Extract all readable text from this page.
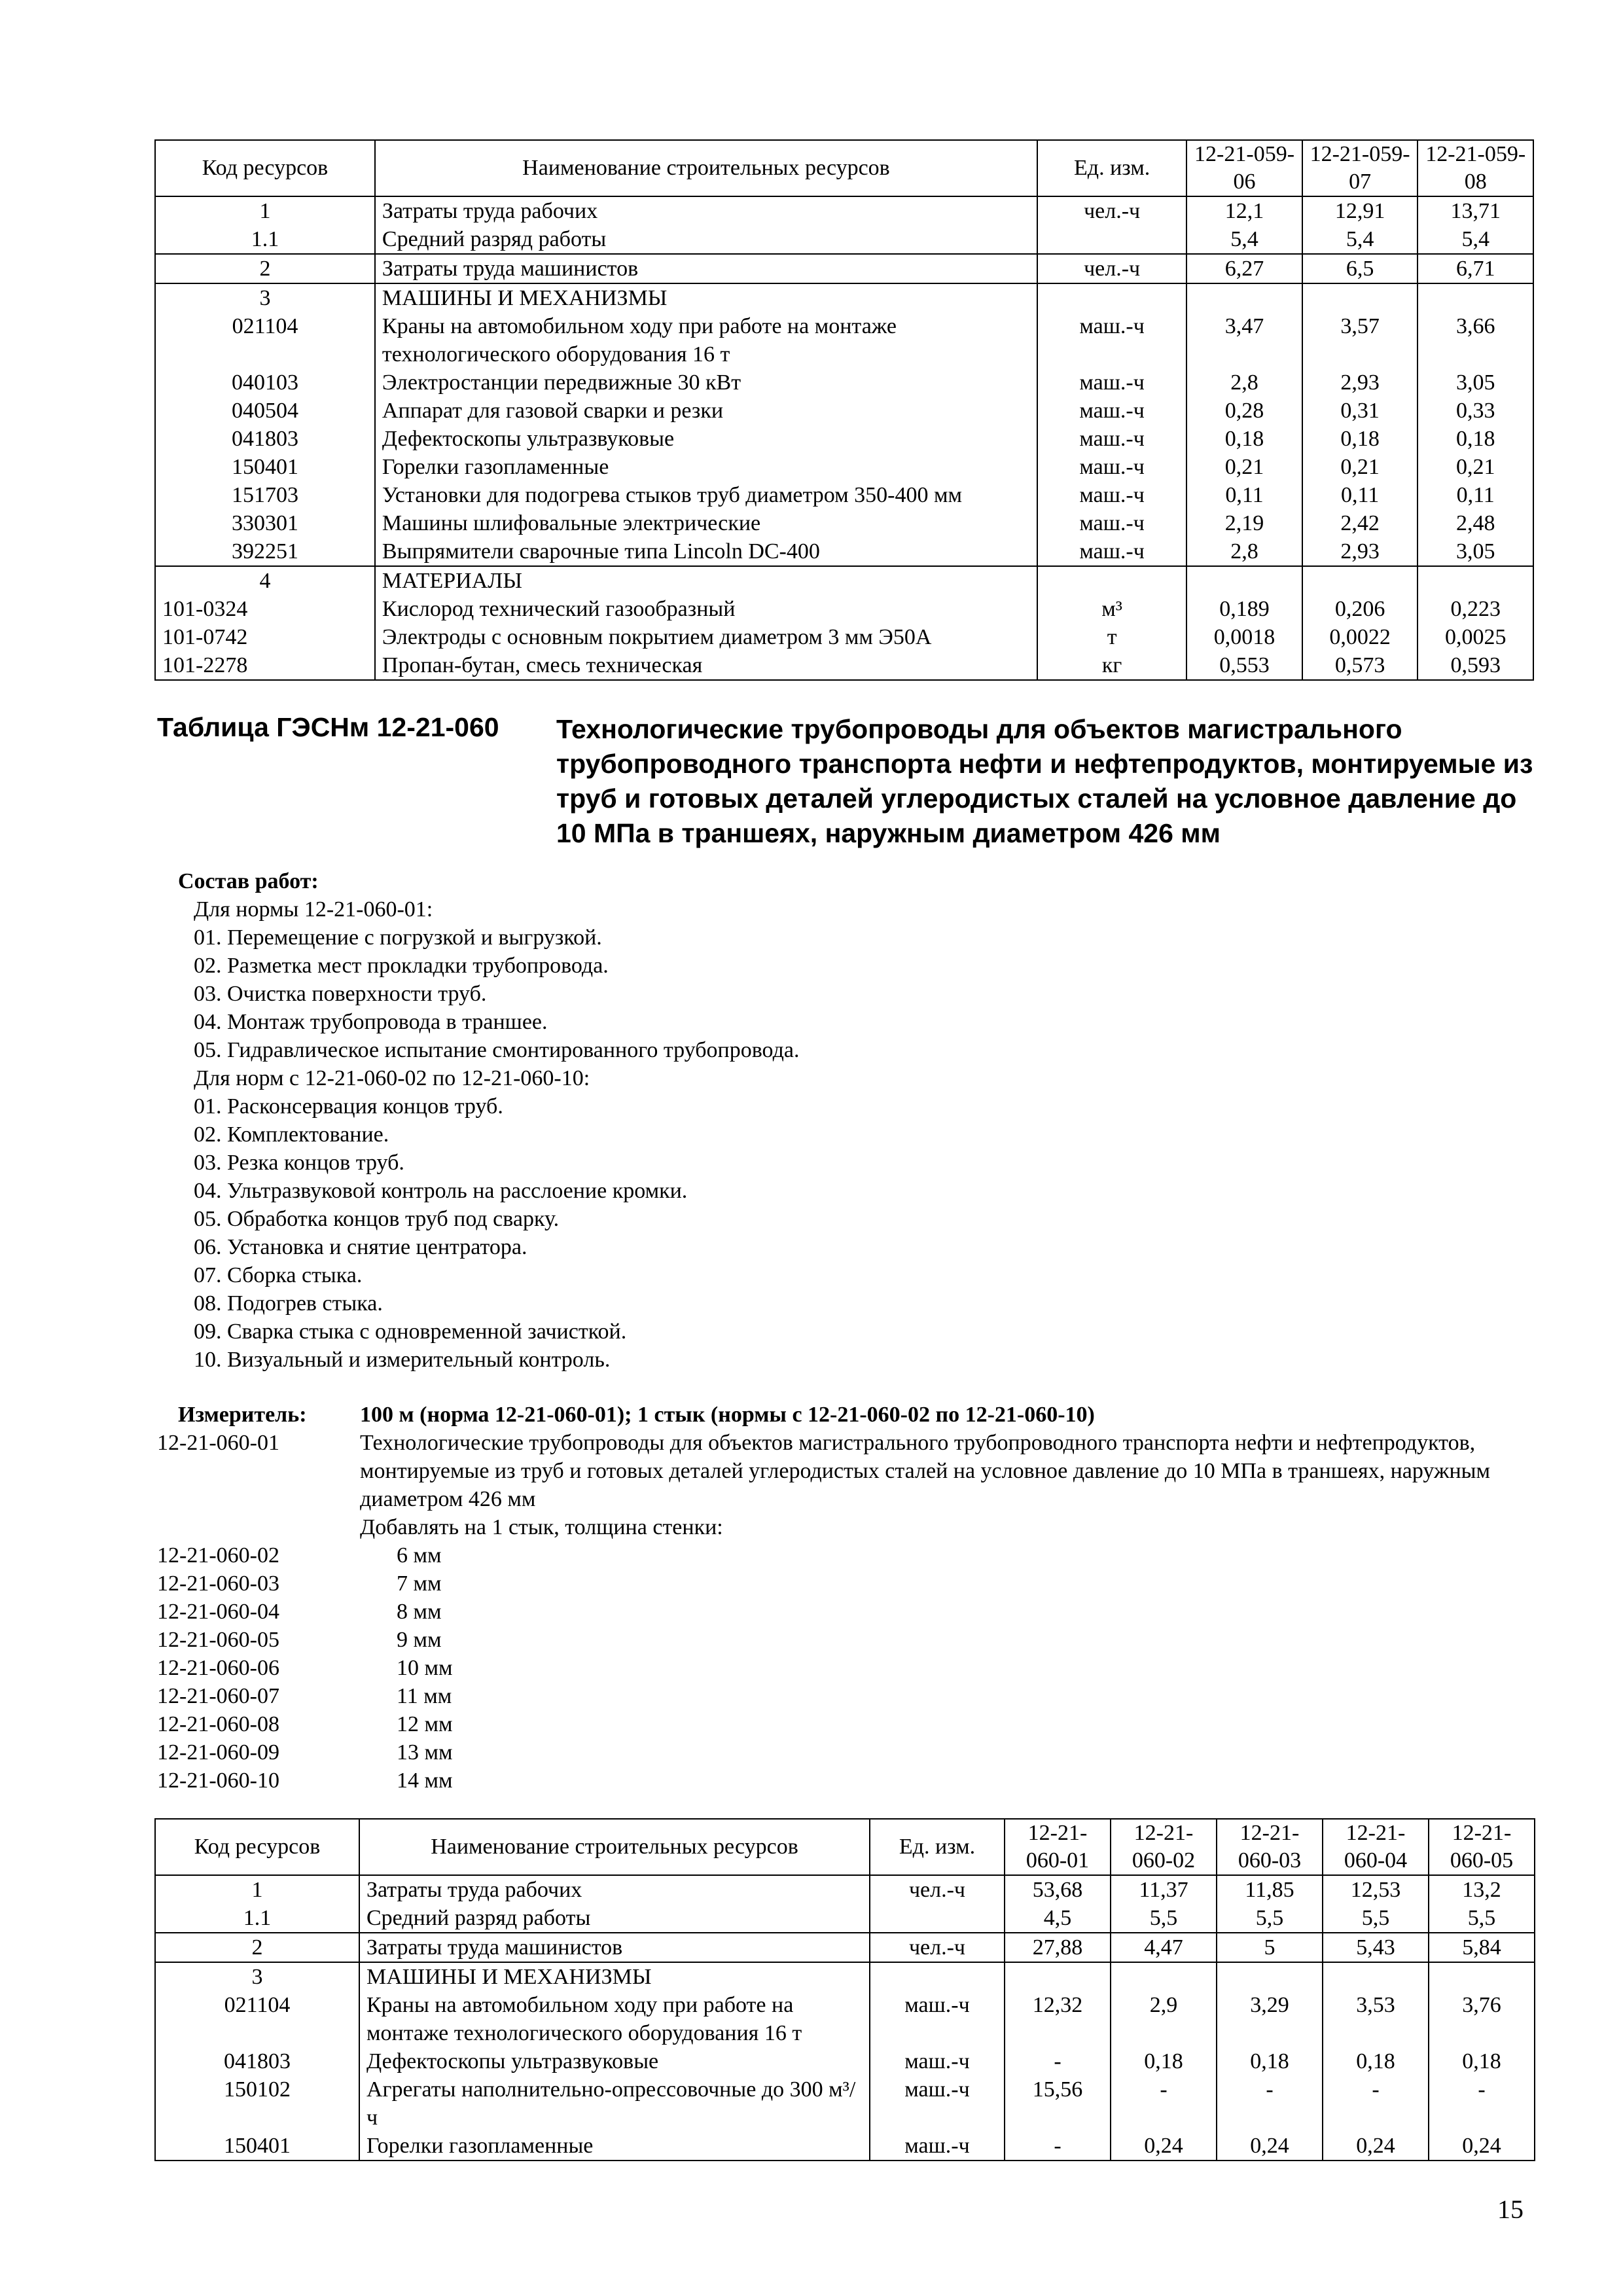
Код ресурсов	Наименование строительных ресурсов	Ед. изм.	12-21-059-06	12-21-059-07	12-21-059-08
1	Затраты труда рабочих	чел.-ч	12,1	12,91	13,71
1.1	Средний разряд работы		5,4	5,4	5,4
2	Затраты труда машинистов	чел.-ч	6,27	6,5	6,71
3	МАШИНЫ И МЕХАНИЗМЫ				
021104	Краны на автомобильном ходу при работе на монтаже технологического оборудования 16 т	маш.-ч	3,47	3,57	3,66
040103	Электростанции передвижные 30 кВт	маш.-ч	2,8	2,93	3,05
040504	Аппарат для газовой сварки и резки	маш.-ч	0,28	0,31	0,33
041803	Дефектоскопы ультразвуковые	маш.-ч	0,18	0,18	0,18
150401	Горелки газопламенные	маш.-ч	0,21	0,21	0,21
151703	Установки для подогрева стыков труб диаметром 350-400 мм	маш.-ч	0,11	0,11	0,11
330301	Машины шлифовальные электрические	маш.-ч	2,19	2,42	2,48
392251	Выпрямители сварочные типа Lincoln DC-400	маш.-ч	2,8	2,93	3,05
4	МАТЕРИАЛЫ				
101-0324	Кислород технический газообразный	м³	0,189	0,206	0,223
101-0742	Электроды с основным покрытием диаметром 3 мм Э50А	т	0,0018	0,0022	0,0025
101-2278	Пропан-бутан, смесь техническая	кг	0,553	0,573	0,593
Таблица ГЭСНм 12-21-060	Технологические трубопроводы для объектов магистрального трубопроводного транспорта нефти и нефтепродуктов, монтируемые из труб и готовых деталей углеродистых сталей на условное давление до 10 МПа в траншеях, наружным диаметром 426 мм
Состав работ:
Для нормы 12-21-060-01:
01. Перемещение с погрузкой и выгрузкой.
02. Разметка мест прокладки трубопровода.
03. Очистка поверхности труб.
04. Монтаж трубопровода в траншее.
05. Гидравлическое испытание смонтированного трубопровода.
Для норм с 12-21-060-02 по 12-21-060-10:
01. Расконсервация концов труб.
02. Комплектование.
03. Резка концов труб.
04. Ультразвуковой контроль на расслоение кромки.
05. Обработка концов труб под сварку.
06. Установка и снятие центратора.
07. Сборка стыка.
08. Подогрев стыка.
09. Сварка стыка с одновременной зачисткой.
10. Визуальный и измерительный контроль.
Измеритель:	100 м (норма 12-21-060-01); 1 стык (нормы с 12-21-060-02 по 12-21-060-10)
12-21-060-01	Технологические трубопроводы для объектов магистрального трубопроводного транспорта нефти и нефтепродуктов, монтируемые из труб и готовых деталей углеродистых сталей на условное давление до 10 МПа в траншеях, наружным диаметром 426 мм
Добавлять на 1 стык, толщина стенки:
12-21-060-02	6 мм
12-21-060-03	7 мм
12-21-060-04	8 мм
12-21-060-05	9 мм
12-21-060-06	10 мм
12-21-060-07	11 мм
12-21-060-08	12 мм
12-21-060-09	13 мм
12-21-060-10	14 мм
Код ресурсов	Наименование строительных ресурсов	Ед. изм.	12-21-060-01	12-21-060-02	12-21-060-03	12-21-060-04	12-21-060-05
1	Затраты труда рабочих	чел.-ч	53,68	11,37	11,85	12,53	13,2
1.1	Средний разряд работы		4,5	5,5	5,5	5,5	5,5
2	Затраты труда машинистов	чел.-ч	27,88	4,47	5	5,43	5,84
3	МАШИНЫ И МЕХАНИЗМЫ						
021104	Краны на автомобильном ходу при работе на монтаже технологического оборудования 16 т	маш.-ч	12,32	2,9	3,29	3,53	3,76
041803	Дефектоскопы ультразвуковые	маш.-ч	-	0,18	0,18	0,18	0,18
150102	Агрегаты наполнительно-опрессовочные до 300 м³/ч	маш.-ч	15,56	-	-	-	-
150401	Горелки газопламенные	маш.-ч	-	0,24	0,24	0,24	0,24
15
